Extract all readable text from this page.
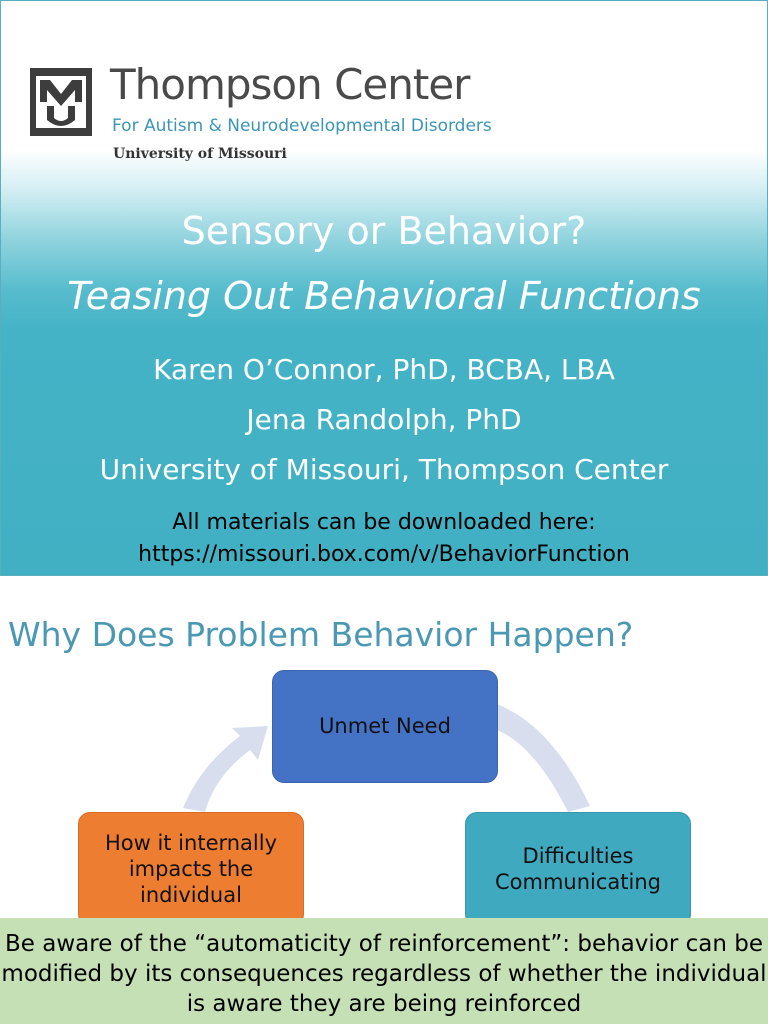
Thompson Center
For Autism & Neurodevelopmental Disorders
University of Missouri
Sensory or Behavior?
Teasing Out Behavioral Functions
Karen O’Connor, PhD, BCBA, LBA
Jena Randolph, PhD
University of Missouri, Thompson Center
All materials can be downloaded here:
https://missouri.box.com/v/BehaviorFunction
Why Does Problem Behavior Happen?
Unmet Need
How it internally impacts the individual
Difficulties Communicating
Be aware of the “automaticity of reinforcement”: behavior can be modified by its consequences regardless of whether the individual is aware they are being reinforced
